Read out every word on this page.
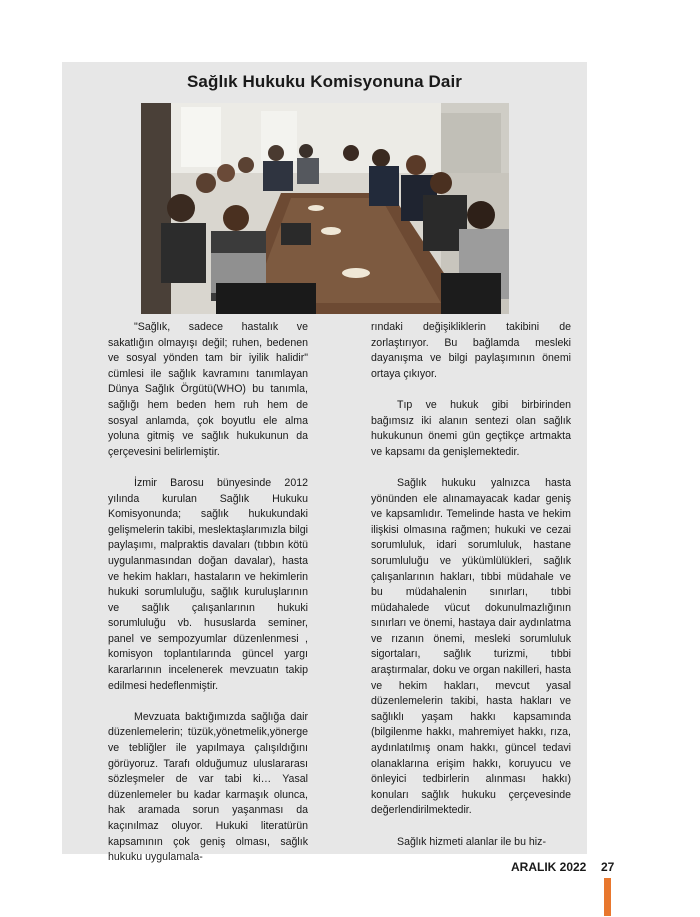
Sağlık Hukuku Komisyonuna Dair

"Sağlık, sadece hastalık ve sakatlığın olmayışı değil; ruhen, bedenen ve sosyal yönden tam bir iyilik halidir" cümlesi ile sağlık kavramını tanımlayan Dünya Sağlık Örgütü(WHO) bu tanımla, sağlığı hem beden hem ruh hem de sosyal anlamda, çok boyutlu ele alma yoluna gitmiş ve sağlık hukukunun da çerçevesini belirlemiştir.

İzmir Barosu bünyesinde 2012 yılında kurulan Sağlık Hukuku Komisyonunda; sağlık hukukundaki gelişmelerin takibi, meslektaşlarımızla bilgi paylaşımı, malpraktis davaları (tıbbın kötü uygulanmasından doğan davalar), hasta ve hekim hakları, hastaların ve hekimlerin hukuki sorumluluğu, sağlık kuruluşlarının ve sağlık çalışanlarının hukuki sorumluluğu vb. hususlarda seminer, panel ve sempozyumlar düzenlenmesi , komisyon toplantılarında güncel yargı kararlarının incelenerek mevzuatın takip edilmesi hedeflenmiştir.

Mevzuata baktığımızda sağlığa dair düzenlemelerin; tüzük,yönetmelik,yönerge ve tebliğler ile yapılmaya çalışıldığını görüyoruz. Tarafı olduğumuz uluslararası sözleşmeler de var tabi ki… Yasal düzenlemeler bu kadar karmaşık olunca, hak aramada sorun yaşanması da kaçınılmaz oluyor. Hukuki literatürün kapsamının çok geniş olması, sağlık hukuku uygulamala-

rındaki değişikliklerin takibini de zorlaştırıyor. Bu bağlamda mesleki dayanışma ve bilgi paylaşımının önemi ortaya çıkıyor.

Tıp ve hukuk gibi birbirinden bağımsız iki alanın sentezi olan sağlık hukukunun önemi gün geçtikçe artmakta ve kapsamı da genişlemektedir.

Sağlık hukuku yalnızca hasta yönünden ele alınamayacak kadar geniş ve kapsamlıdır. Temelinde hasta ve hekim ilişkisi olmasına rağmen; hukuki ve cezai sorumluluk, idari sorumluluk, hastane sorumluluğu ve yükümlülükleri, sağlık çalışanlarının hakları, tıbbi müdahale ve bu müdahalenin sınırları, tıbbi müdahalede vücut dokunulmazlığının sınırları ve önemi, hastaya dair aydınlatma ve rızanın önemi, mesleki sorumluluk sigortaları, sağlık turizmi, tıbbi araştırmalar, doku ve organ nakilleri, hasta ve hekim hakları, mevcut yasal düzenlemelerin takibi, hasta hakları ve sağlıklı yaşam hakkı kapsamında (bilgilenme hakkı, mahremiyet hakkı, rıza, aydınlatılmış onam hakkı, güncel tedavi olanaklarına erişim hakkı, koruyucu ve önleyici tedbirlerin alınması hakkı) konuları sağlık hukuku çerçevesinde değerlendirilmektedir.

Sağlık hizmeti alanlar ile bu hiz-

ARALIK 2022 27
